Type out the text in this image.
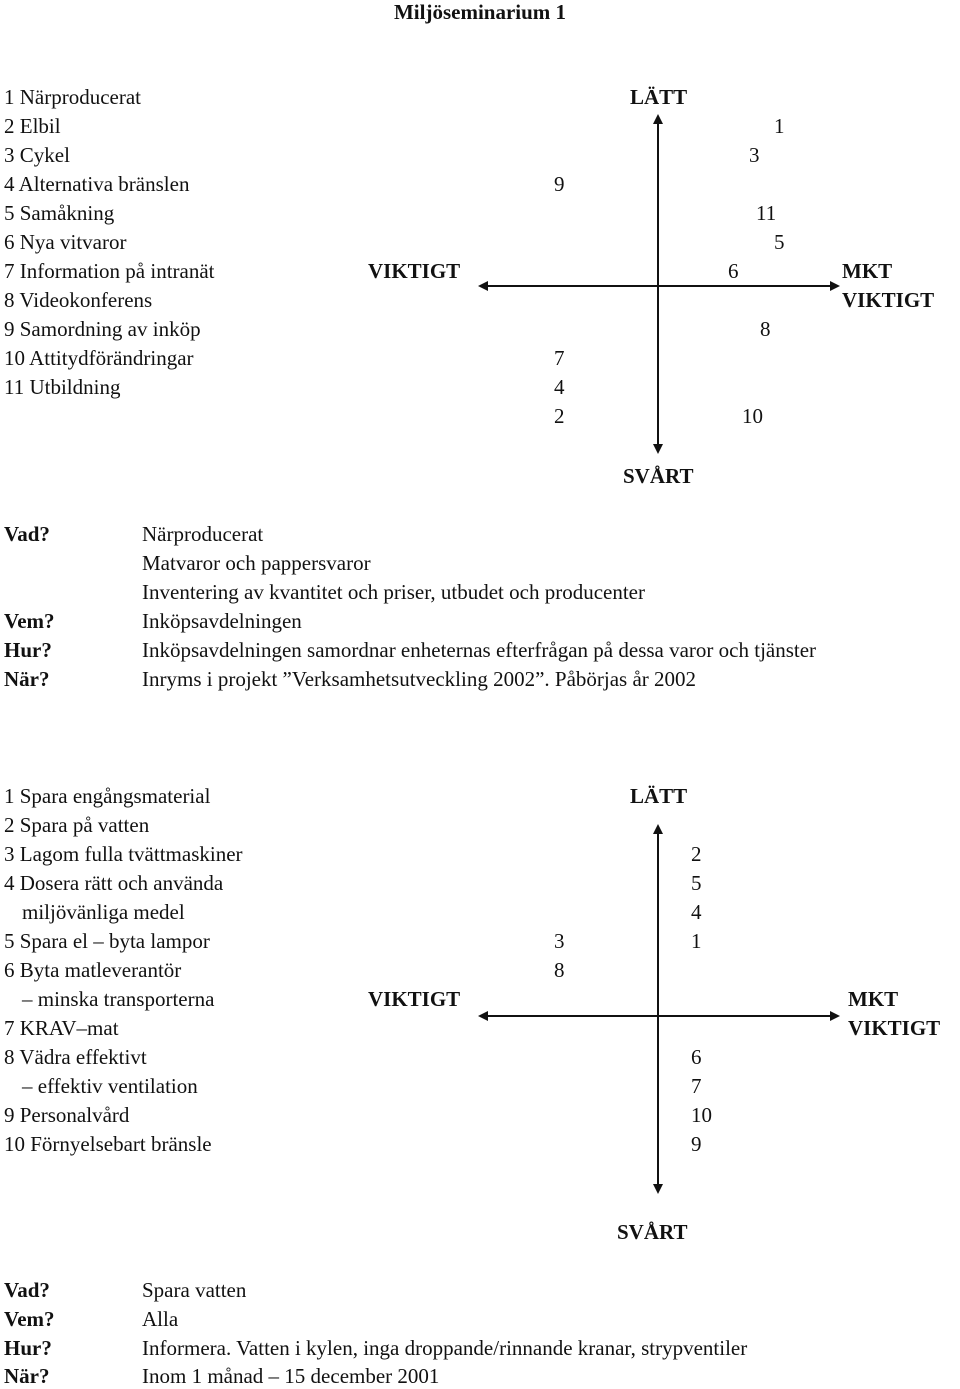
Miljöseminarium 1
1 Närproducerat
2 Elbil
3 Cykel
4 Alternativa bränslen
5 Samåkning
6 Nya vitvaror
7 Information på intranät
8 Videokonferens
9 Samordning av inköp
10 Attitydförändringar
11 Utbildning
LÄTT
SVÅRT
VIKTIGT	MKT
VIKTIGT
1
3
9
11
5
6
8
7
4
2	10
Vad?	Närproducerat
Matvaror och pappersvaror
Inventering av kvantitet och priser, utbudet och producenter
Vem?	Inköpsavdelningen
Hur?	Inköpsavdelningen samordnar enheternas efterfrågan på dessa varor och tjänster
När?	Inryms i projekt ”Verksamhetsutveckling 2002”. Påbörjas år 2002
1 Spara engångsmaterial
2 Spara på vatten
3 Lagom fulla tvättmaskiner
4 Dosera rätt och använda
miljövänliga medel
5 Spara el – byta lampor
6 Byta matleverantör
– minska transporterna
7 KRAV–mat
8 Vädra effektivt
– effektiv ventilation
9 Personalvård
10 Förnyelsebart bränsle
LÄTT
SVÅRT
VIKTIGT	MKT
VIKTIGT
2
5
4
3	1
8
6
7
10
9
Vad?	Spara vatten
Vem?	Alla
Hur?	Informera. Vatten i kylen, inga droppande/rinnande kranar, strypventiler
När?	Inom 1 månad – 15 december 2001
